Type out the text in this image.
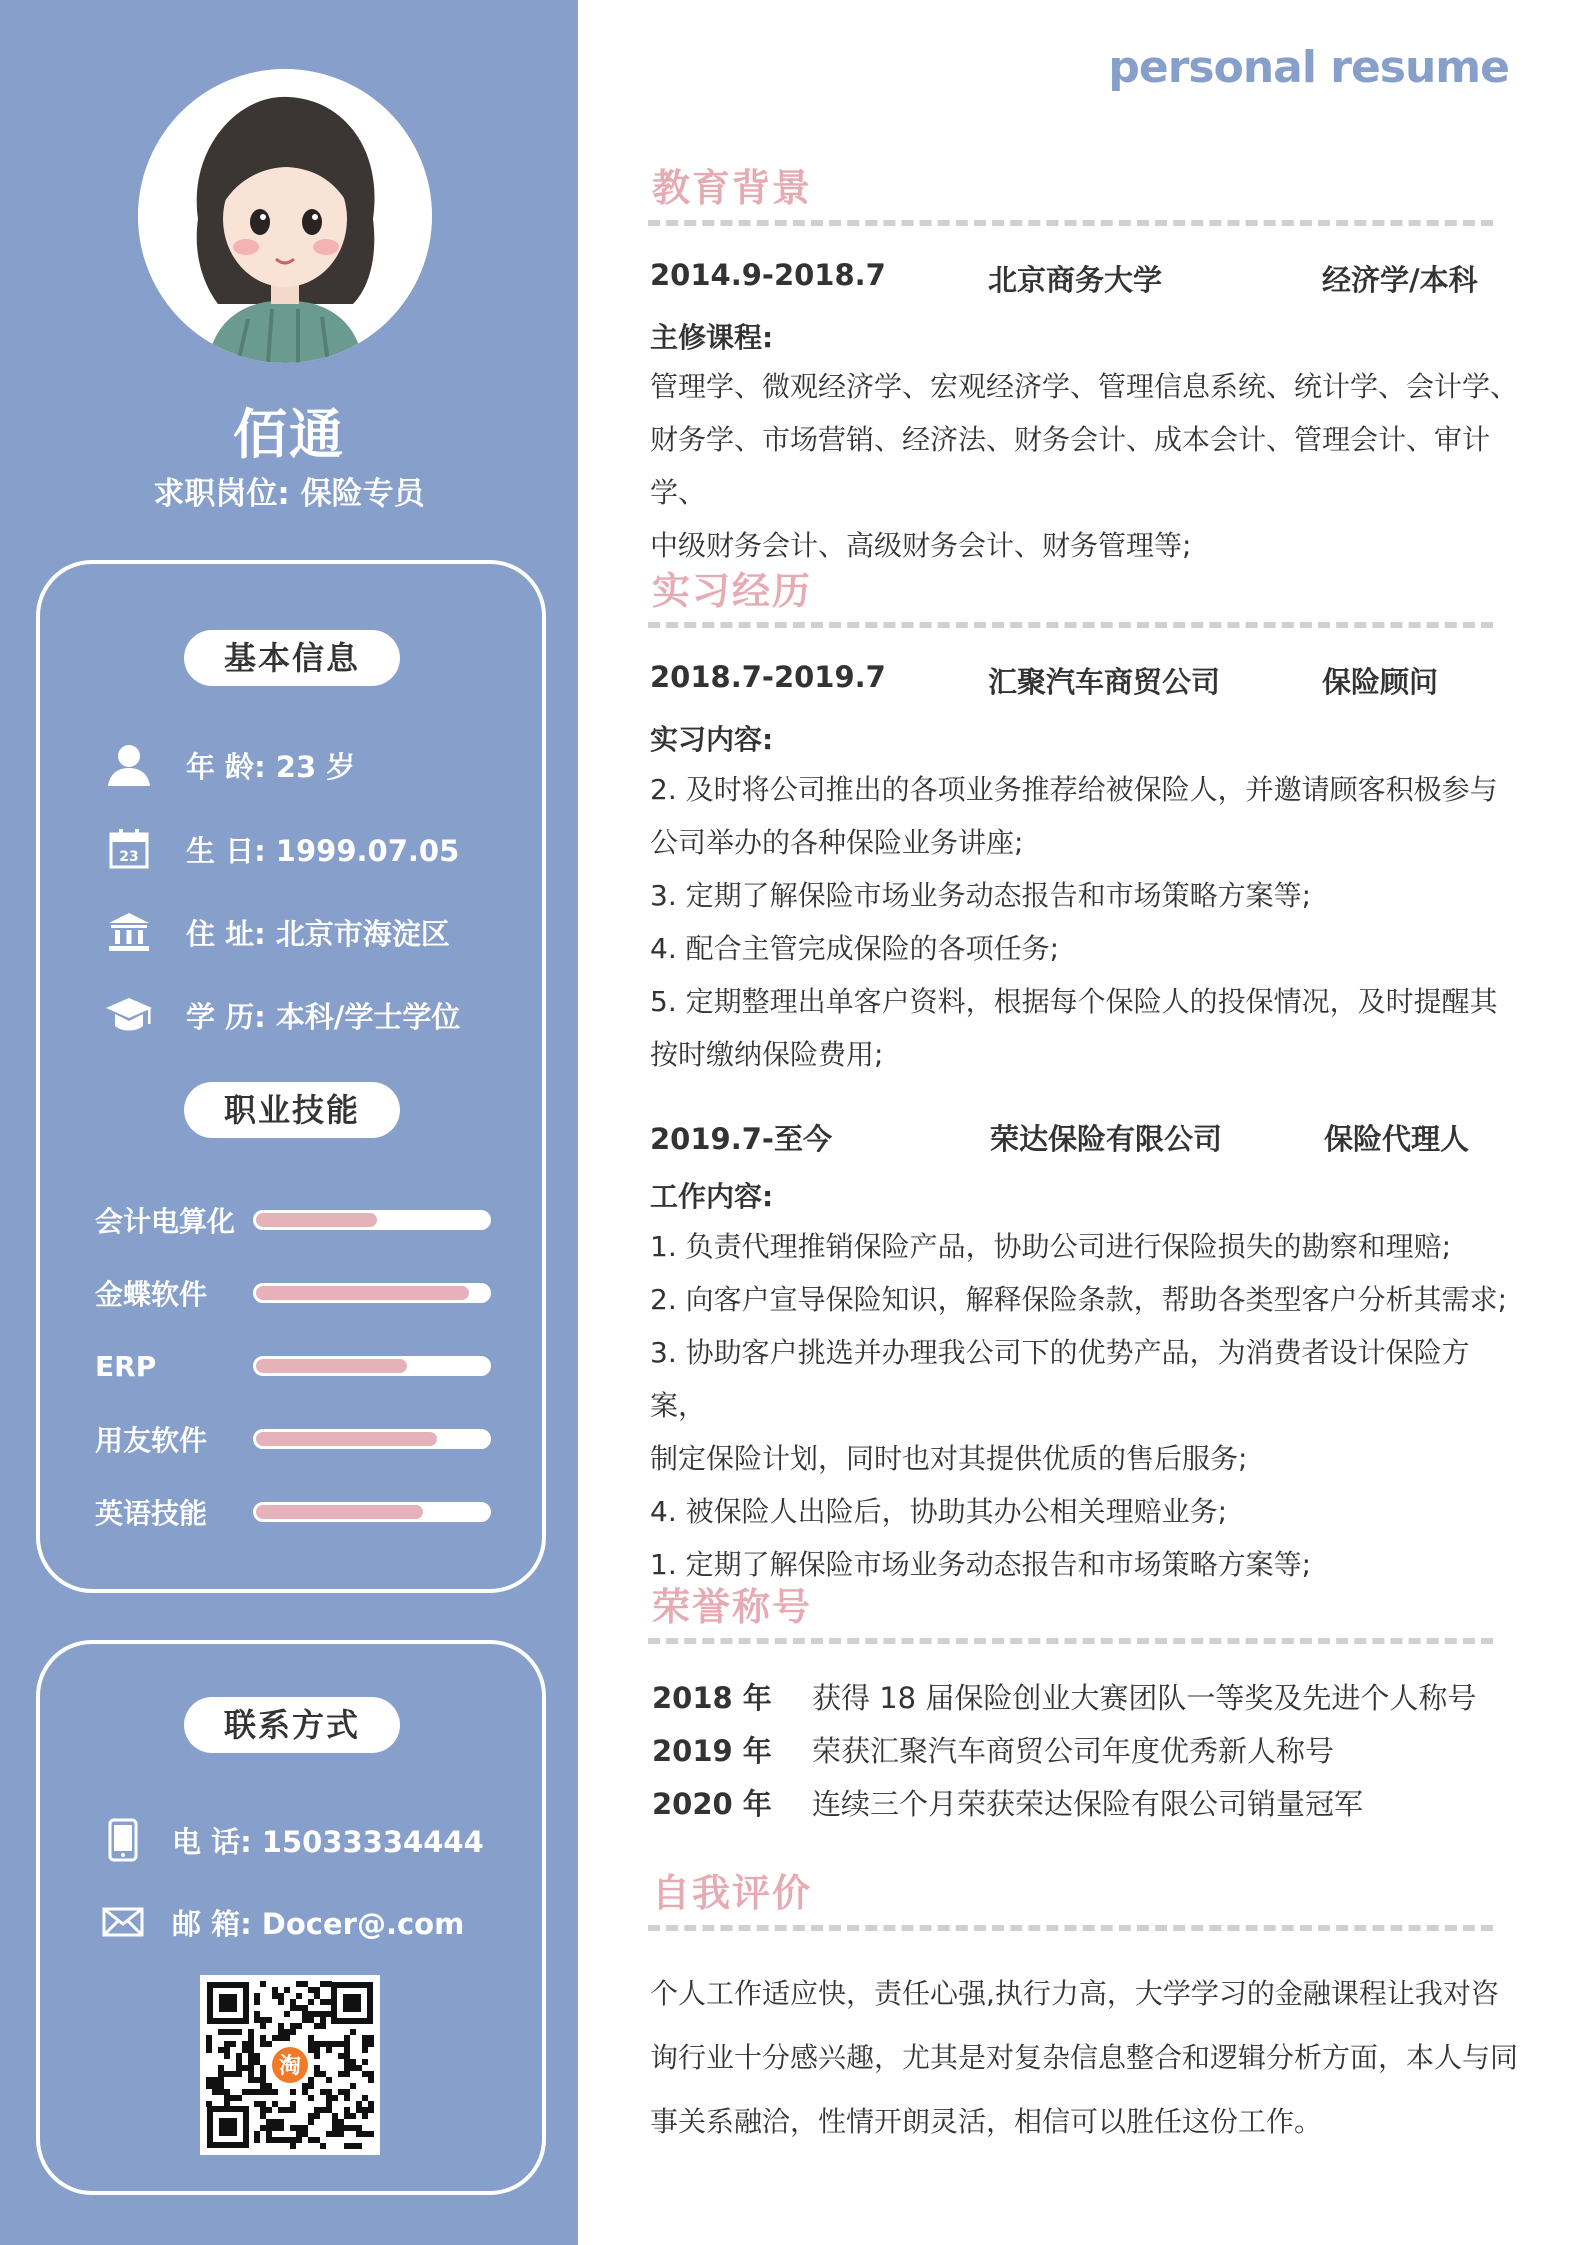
佰通
求职岗位: 保险专员
基本信息
年 龄: 23 岁
23 生 日: 1999.07.05
住 址: 北京市海淀区
学 历: 本科/学士学位
职业技能
会计电算化
金蝶软件
ERP
用友软件
英语技能
联系方式
电 话: 15033334444
邮 箱: Docer@.com
淘
personal resume
教育背景
2014.9-2018.7	北京商务大学	经济学/本科
主修课程:
管理学、微观经济学、宏观经济学、管理信息系统、统计学、会计学、
财务学、市场营销、经济法、财务会计、成本会计、管理会计、审计学、
中级财务会计、高级财务会计、财务管理等;
实习经历
2018.7-2019.7	汇聚汽车商贸公司	保险顾问
实习内容:
2. 及时将公司推出的各项业务推荐给被保险人，并邀请顾客积极参与
公司举办的各种保险业务讲座;
3. 定期了解保险市场业务动态报告和市场策略方案等;
4. 配合主管完成保险的各项任务;
5. 定期整理出单客户资料，根据每个保险人的投保情况，及时提醒其
按时缴纳保险费用;
2019.7-至今	荣达保险有限公司	保险代理人
工作内容:
1. 负责代理推销保险产品，协助公司进行保险损失的勘察和理赔;
2. 向客户宣导保险知识，解释保险条款，帮助各类型客户分析其需求;
3. 协助客户挑选并办理我公司下的优势产品，为消费者设计保险方案，
制定保险计划，同时也对其提供优质的售后服务;
4. 被保险人出险后，协助其办公相关理赔业务;
1. 定期了解保险市场业务动态报告和市场策略方案等;
荣誉称号
2018 年 获得 18 届保险创业大赛团队一等奖及先进个人称号
2019 年 荣获汇聚汽车商贸公司年度优秀新人称号
2020 年 连续三个月荣获荣达保险有限公司销量冠军
自我评价
个人工作适应快，责任心强,执行力高，大学学习的金融课程让我对咨
询行业十分感兴趣，尤其是对复杂信息整合和逻辑分析方面，本人与同
事关系融洽，性情开朗灵活，相信可以胜任这份工作。
